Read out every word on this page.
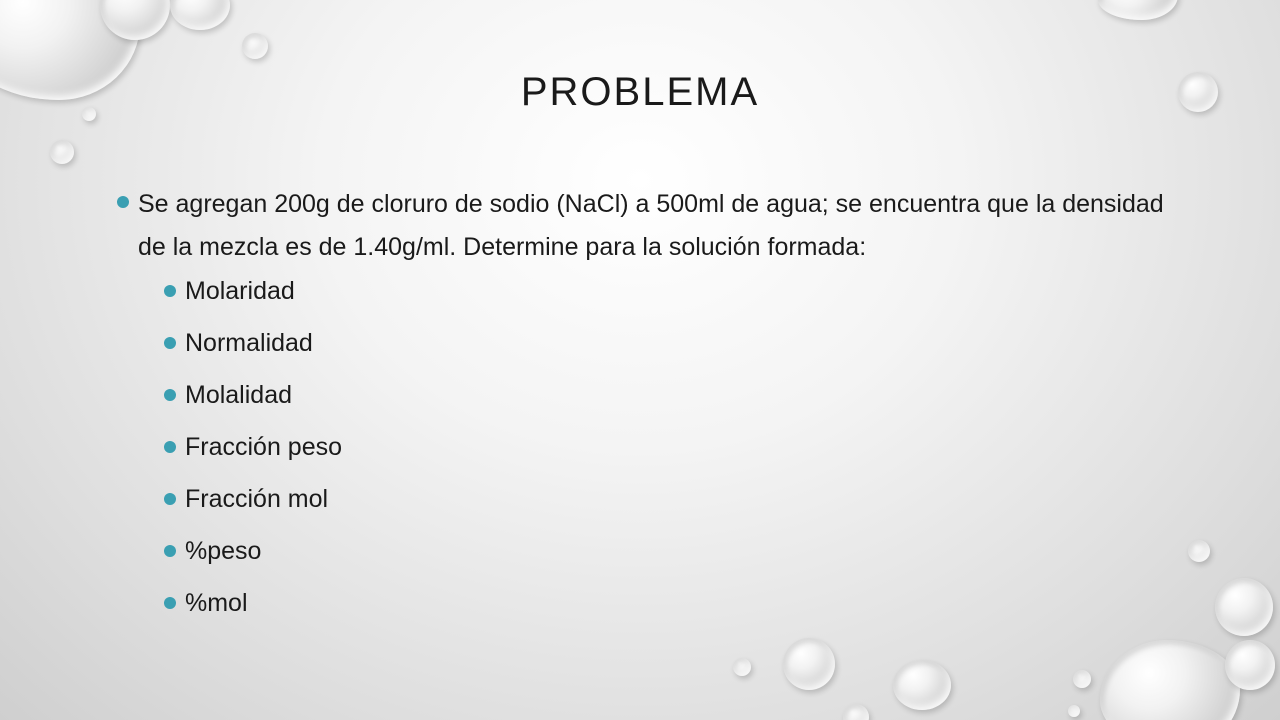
PROBLEMA

Se agregan 200g de cloruro de sodio (NaCl) a 500ml de agua; se encuentra que la densidad de la mezcla es de 1.40g/ml. Determine para la solución formada:

Molaridad
Normalidad
Molalidad
Fracción peso
Fracción mol
%peso
%mol
